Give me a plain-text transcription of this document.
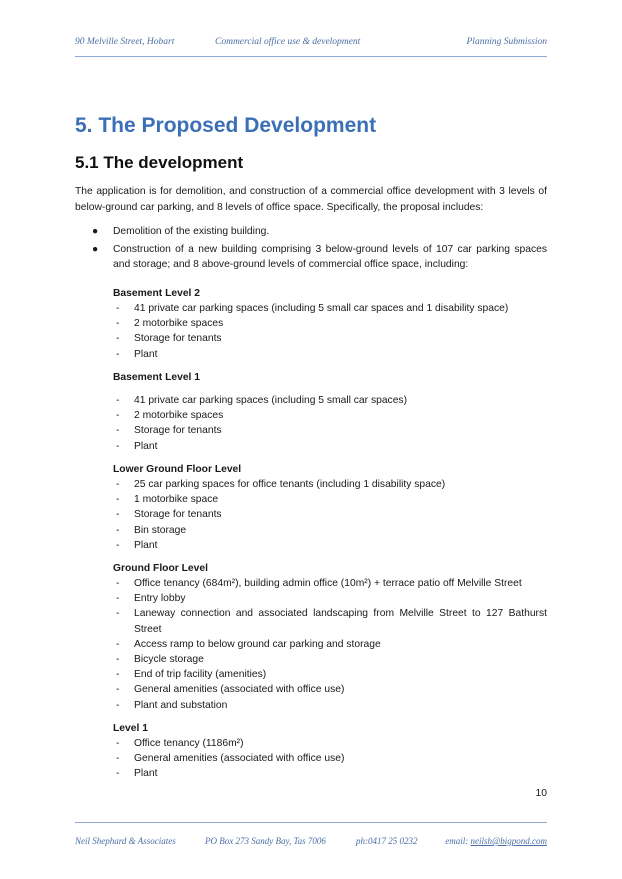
90 Melville Street, Hobart	Commercial office use & development	Planning Submission
5. The Proposed Development
5.1 The development

The application is for demolition, and construction of a commercial office development with 3 levels of below-ground car parking, and 8 levels of office space. Specifically, the proposal includes:

● Demolition of the existing building.
● Construction of a new building comprising 3 below-ground levels of 107 car parking spaces and storage; and 8 above-ground levels of commercial office space, including:

Basement Level 2

- 41 private car parking spaces (including 5 small car spaces and 1 disability space)
- 2 motorbike spaces
- Storage for tenants
- Plant

Basement Level 1

- 41 private car parking spaces (including 5 small car spaces)
- 2 motorbike spaces
- Storage for tenants
- Plant

Lower Ground Floor Level

- 25 car parking spaces for office tenants (including 1 disability space)
- 1 motorbike space
- Storage for tenants
- Bin storage
- Plant

Ground Floor Level

- Office tenancy (684m²), building admin office (10m²) + terrace patio off Melville Street
- Entry lobby
- Laneway connection and associated landscaping from Melville Street to 127 Bathurst Street
- Access ramp to below ground car parking and storage
- Bicycle storage
- End of trip facility (amenities)
- General amenities (associated with office use)
- Plant and substation

Level 1

- Office tenancy (1186m²)
- General amenities (associated with office use)
- Plant
10
Neil Shephard & Associates	PO Box 273 Sandy Bay, Tas 7006	ph:0417 25 0232	email: neilsh@bigpond.com
